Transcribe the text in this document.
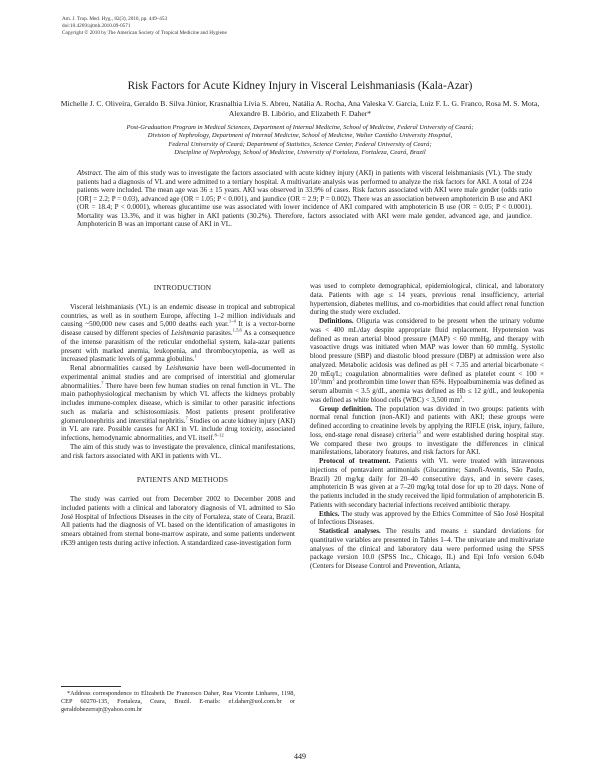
Am. J. Trop. Med. Hyg., 82(3), 2010, pp. 449–453
doi:10.4269/ajtmh.2010.09-0571
Copyright © 2010 by The American Society of Tropical Medicine and Hygiene
Risk Factors for Acute Kidney Injury in Visceral Leishmaniasis (Kala-Azar)
Michelle J. C. Oliveira, Geraldo B. Silva Júnior, Krasnalhia Lívia S. Abreu, Natália A. Rocha, Ana Valeska V. Garcia, Luiz F. L. G. Franco, Rosa M. S. Mota, Alexandre B. Libório, and Elizabeth F. Daher*
Post-Graduation Program in Medical Sciences, Department of Internal Medicine, School of Medicine, Federal University of Ceará;
Division of Nephrology, Department of Internal Medicine, School of Medicine, Walter Cantídio University Hospital,
Federal University of Ceará; Department of Statistics, Science Center, Federal University of Ceará;
Discipline of Nephrology, School of Medicine, University of Fortaleza, Fortaleza, Ceará, Brazil
Abstract. The aim of this study was to investigate the factors associated with acute kidney injury (AKI) in patients with visceral leishmaniasis (VL). The study patients had a diagnosis of VL and were admitted to a tertiary hospital. A multivariate analysis was performed to analyze the risk factors for AKI. A total of 224 patients were included. The mean age was 36 ± 15 years. AKI was observed in 33.9% of cases. Risk factors associated with AKI were male gender (odds ratio [OR] = 2.2; P = 0.03), advanced age (OR = 1.05; P < 0.001), and jaundice (OR = 2.9; P = 0.002). There was an association between amphotericin B use and AKI (OR = 18.4; P < 0.0001), whereas glucantime use was associated with lower incidence of AKI compared with amphotericin B use (OR = 0.05; P < 0.0001). Mortality was 13.3%, and it was higher in AKI patients (30.2%). Therefore, factors associated with AKI were male gender, advanced age, and jaundice. Amphotericin B was an important cause of AKI in VL.

INTRODUCTION

Visceral leishmaniasis (VL) is an endemic disease in tropical and subtropical countries, as well as in southern Europe, affecting 1–2 million individuals and causing ~500,000 new cases and 5,000 deaths each year.$^{1-4}$ It is a vector-borne disease caused by different species of Leishmania parasites.$^{1,5,6}$ As a consequence of the intense parasitism of the reticular endothelial system, kala-azar patients present with marked anemia, leukopenia, and thrombocytopenia, as well as increased plasmatic levels of gamma globulins.$^1$

Renal abnormalities caused by Leishmania have been well-documented in experimental animal studies and are comprised of interstitial and glomerular abnormalities.$^7$ There have been few human studies on renal function in VL. The main pathophysiological mechanism by which VL affects the kidneys probably includes immune-complex disease, which is similar to other parasitic infections such as malaria and schistosomiasis. Most patients present proliferative glomerulonephritis and interstitial nephritis.$^7$ Studies on acute kidney injury (AKI) in VL are rare. Possible causes for AKI in VL include drug toxicity, associated infections, hemodynamic abnormalities, and VL itself.$^{8-12}$

The aim of this study was to investigate the prevalence, clinical manifestations, and risk factors associated with AKI in patients with VL.

PATIENTS AND METHODS

The study was carried out from December 2002 to December 2008 and included patients with a clinical and laboratory diagnosis of VL admitted to São José Hospital of Infectious Diseases in the city of Fortaleza, state of Ceara, Brazil. All patients had the diagnosis of VL based on the identification of amastigotes in smears obtained from sternal bone-marrow aspirate, and some patients underwent rK39 antigen tests during active infection. A standardized case-investigation form

*Address correspondence to Elizabeth De Francesco Daher, Rua Vicente Linhares, 1198, CEP 60270-135, Fortaleza, Ceara, Brazil. E-mails: ef.daher@uol.com.br or geraldobezerrajr@yahoo.com.br

was used to complete demographical, epidemiological, clinical, and laboratory data. Patients with age ≤ 14 years, previous renal insufficiency, arterial hypertension, diabetes mellitus, and co-morbidities that could affect renal function during the study were excluded.

Definitions. Oliguria was considered to be present when the urinary volume was < 400 mL/day despite appropriate fluid replacement. Hypotension was defined as mean arterial blood pressure (MAP) < 60 mmHg, and therapy with vasoactive drugs was initiated when MAP was lower than 60 mmHg. Systolic blood pressure (SBP) and diastolic blood pressure (DBP) at admission were also analyzed. Metabolic acidosis was defined as pH < 7.35 and arterial bicarbonate < 20 mEq/L; coagulation abnormalities were defined as platelet count < $100 \times 10^3/mm^3$ and prothrombin time lower than 65%. Hypoalbuminemia was defined as serum albumin < 3.5 g/dL, anemia was defined as Hb ≤ 12 g/dL, and leukopenia was defined as white blood cells (WBC) < 3,500 $mm^3$.

Group definition. The population was divided in two groups: patients with normal renal function (non-AKI) and patients with AKI; these groups were defined according to creatinine levels by applying the RIFLE (risk, injury, failure, loss, end-stage renal disease) criteria$^{13}$ and were established during hospital stay. We compared these two groups to investigate the differences in clinical manifestations, laboratory features, and risk factors for AKI.

Protocol of treatment. Patients with VL were treated with intravenous injections of pentavalent antimonials (Glucantime; Sanofi-Aventis, São Paulo, Brazil) 20 mg/kg daily for 20–40 consecutive days, and in severe cases, amphotericin B was given at a 7–20 mg/kg total dose for up to 20 days. None of the patients included in the study received the lipid formulation of amphotericin B. Patients with secondary bacterial infections received antibiotic therapy.

Ethics. The study was approved by the Ethics Committee of São José Hospital of Infectious Diseases.

Statistical analyses. The results and means ± standard deviations for quantitative variables are presented in Tables 1–4. The univariate and multivariate analyses of the clinical and laboratory data were performed using the SPSS package version 10.0 (SPSS Inc., Chicago, IL) and Epi Info version 6.04b (Centers for Disease Control and Prevention, Atlanta,

449
